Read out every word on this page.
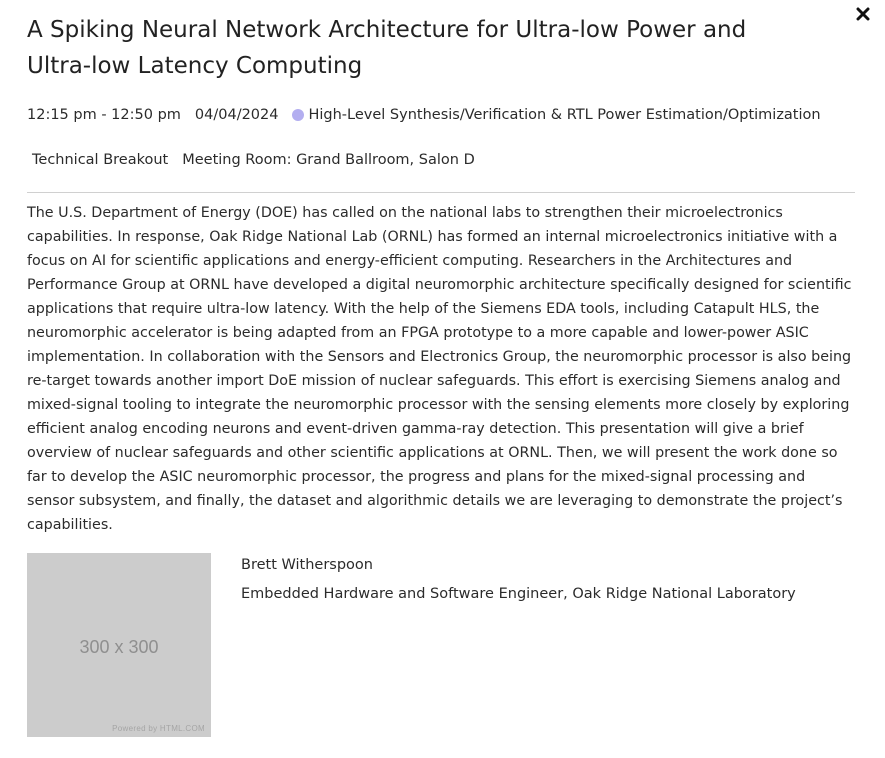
A Spiking Neural Network Architecture for Ultra-low Power and Ultra-low Latency Computing
12:15 pm - 12:50 pm 04/04/2024 High-Level Synthesis/Verification & RTL Power Estimation/Optimization
Technical Breakout Meeting Room: Grand Ballroom, Salon D

The U.S. Department of Energy (DOE) has called on the national labs to strengthen their microelectronics capabilities. In response, Oak Ridge National Lab (ORNL) has formed an internal microelectronics initiative with a focus on AI for scientific applications and energy-efficient computing. Researchers in the Architectures and Performance Group at ORNL have developed a digital neuromorphic architecture specifically designed for scientific applications that require ultra-low latency. With the help of the Siemens EDA tools, including Catapult HLS, the neuromorphic accelerator is being adapted from an FPGA prototype to a more capable and lower-power ASIC implementation. In collaboration with the Sensors and Electronics Group, the neuromorphic processor is also being re-target towards another import DoE mission of nuclear safeguards. This effort is exercising Siemens analog and mixed-signal tooling to integrate the neuromorphic processor with the sensing elements more closely by exploring efficient analog encoding neurons and event-driven gamma-ray detection. This presentation will give a brief overview of nuclear safeguards and other scientific applications at ORNL. Then, we will present the work done so far to develop the ASIC neuromorphic processor, the progress and plans for the mixed-signal processing and sensor subsystem, and finally, the dataset and algorithmic details we are leveraging to demonstrate the project’s capabilities.

300 x 300
Powered by HTML.COM
Brett Witherspoon
Embedded Hardware and Software Engineer, Oak Ridge National Laboratory
